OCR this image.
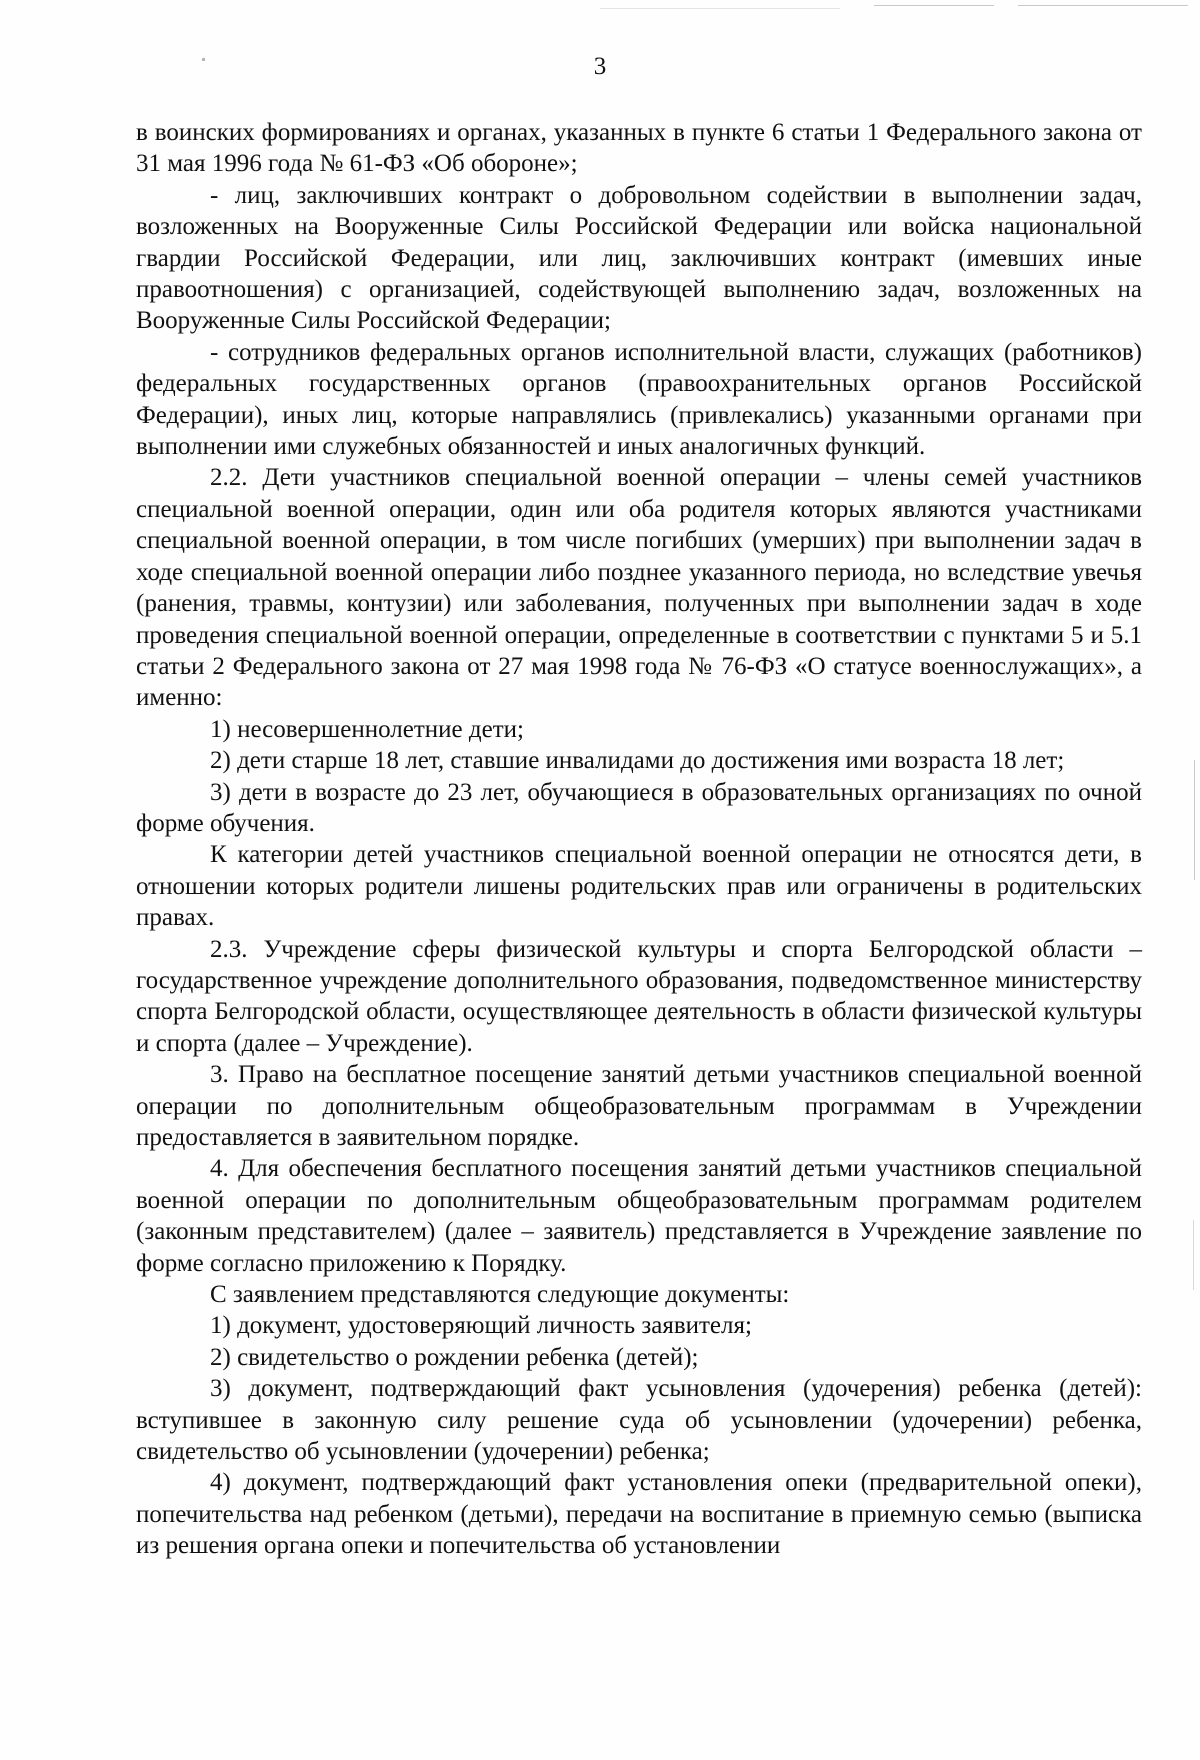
3

в воинских формированиях и органах, указанных в пункте 6 статьи 1 Федерального закона от 31 мая 1996 года № 61-ФЗ «Об обороне»;

- лиц, заключивших контракт о добровольном содействии в выполнении задач, возложенных на Вооруженные Силы Российской Федерации или войска национальной гвардии Российской Федерации, или лиц, заключивших контракт (имевших иные правоотношения) с организацией, содействующей выполнению задач, возложенных на Вооруженные Силы Российской Федерации;

- сотрудников федеральных органов исполнительной власти, служащих (работников) федеральных государственных органов (правоохранительных органов Российской Федерации), иных лиц, которые направлялись (привлекались) указанными органами при выполнении ими служебных обязанностей и иных аналогичных функций.

2.2. Дети участников специальной военной операции – члены семей участников специальной военной операции, один или оба родителя которых являются участниками специальной военной операции, в том числе погибших (умерших) при выполнении задач в ходе специальной военной операции либо позднее указанного периода, но вследствие увечья (ранения, травмы, контузии) или заболевания, полученных при выполнении задач в ходе проведения специальной военной операции, определенные в соответствии с пунктами 5 и 5.1 статьи 2 Федерального закона от 27 мая 1998 года № 76-ФЗ «О статусе военнослужащих», а именно:

1) несовершеннолетние дети;

2) дети старше 18 лет, ставшие инвалидами до достижения ими возраста 18 лет;

3) дети в возрасте до 23 лет, обучающиеся в образовательных организациях по очной форме обучения.

К категории детей участников специальной военной операции не относятся дети, в отношении которых родители лишены родительских прав или ограничены в родительских правах.

2.3. Учреждение сферы физической культуры и спорта Белгородской области – государственное учреждение дополнительного образования, подведомственное министерству спорта Белгородской области, осуществляющее деятельность в области физической культуры и спорта (далее – Учреждение).

3. Право на бесплатное посещение занятий детьми участников специальной военной операции по дополнительным общеобразовательным программам в Учреждении предоставляется в заявительном порядке.

4. Для обеспечения бесплатного посещения занятий детьми участников специальной военной операции по дополнительным общеобразовательным программам родителем (законным представителем) (далее – заявитель) представляется в Учреждение заявление по форме согласно приложению к Порядку.

С заявлением представляются следующие документы:

1) документ, удостоверяющий личность заявителя;

2) свидетельство о рождении ребенка (детей);

3) документ, подтверждающий факт усыновления (удочерения) ребенка (детей): вступившее в законную силу решение суда об усыновлении (удочерении) ребенка, свидетельство об усыновлении (удочерении) ребенка;

4) документ, подтверждающий факт установления опеки (предварительной опеки), попечительства над ребенком (детьми), передачи на воспитание в приемную семью (выписка из решения органа опеки и попечительства об установлении
